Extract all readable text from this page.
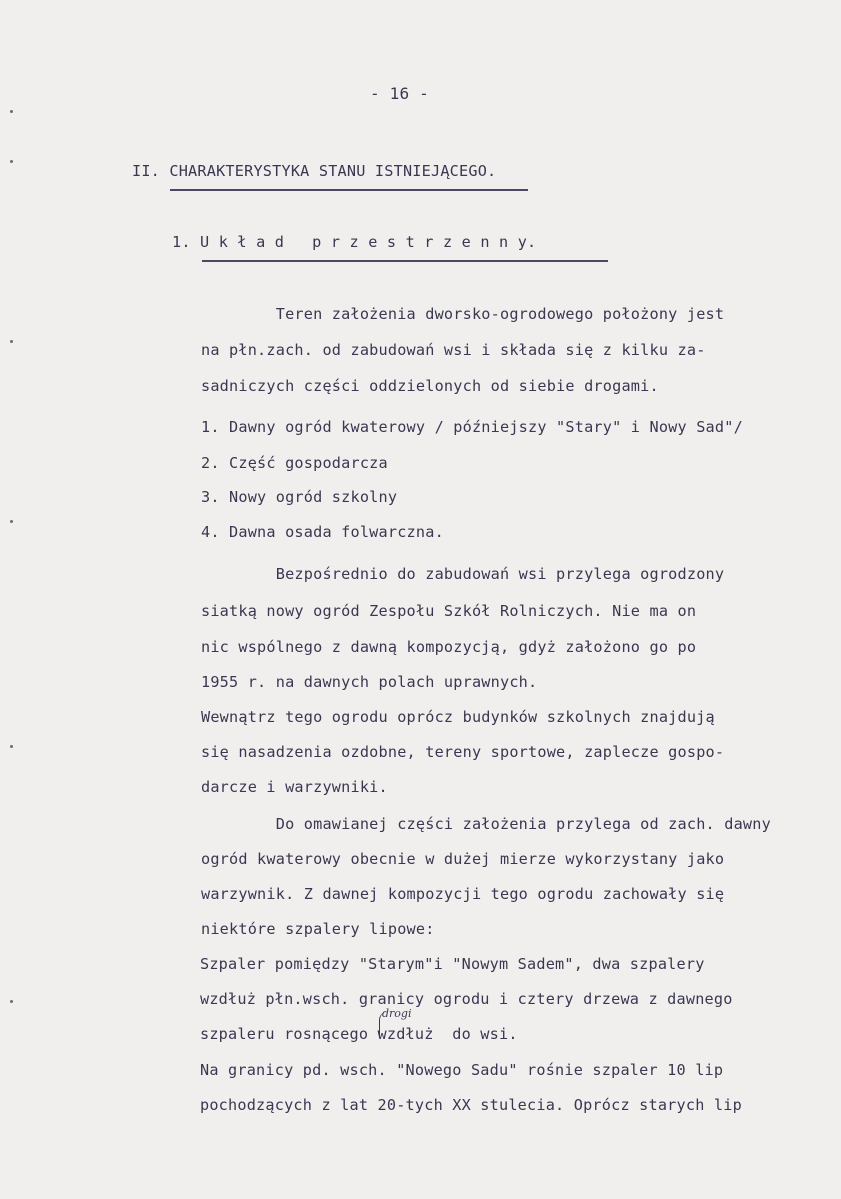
- 16 -
II. CHARAKTERYSTYKA STANU ISTNIEJĄCEGO.
1. U k ł a d   p r z e s t r z e n n y.
Teren założenia dworsko-ogrodowego położony jest
na płn.zach. od zabudowań wsi i składa się z kilku za-
sadniczych części oddzielonych od siebie drogami.
1. Dawny ogród kwaterowy / późniejszy "Stary" i Nowy Sad"/
2. Część gospodarcza
3. Nowy ogród szkolny
4. Dawna osada folwarczna.
Bezpośrednio do zabudowań wsi przylega ogrodzony
siatką nowy ogród Zespołu Szkół Rolniczych. Nie ma on
nic wspólnego z dawną kompozycją, gdyż założono go po
1955 r. na dawnych polach uprawnych.
Wewnątrz tego ogrodu oprócz budynków szkolnych znajdują
się nasadzenia ozdobne, tereny sportowe, zaplecze gospo-
darcze i warzywniki.
Do omawianej części założenia przylega od zach. dawny
ogród kwaterowy obecnie w dużej mierze wykorzystany jako
warzywnik. Z dawnej kompozycji tego ogrodu zachowały się
niektóre szpalery lipowe:
Szpaler pomiędzy "Starym"i "Nowym Sadem", dwa szpalery
wzdłuż płn.wsch. granicy ogrodu i cztery drzewa z dawnego
szpaleru rosnącego wzdłuż  do wsi.
Na granicy pd. wsch. "Nowego Sadu" rośnie szpaler 10 lip
pochodzących z lat 20-tych XX stulecia. Oprócz starych lip
drogi
